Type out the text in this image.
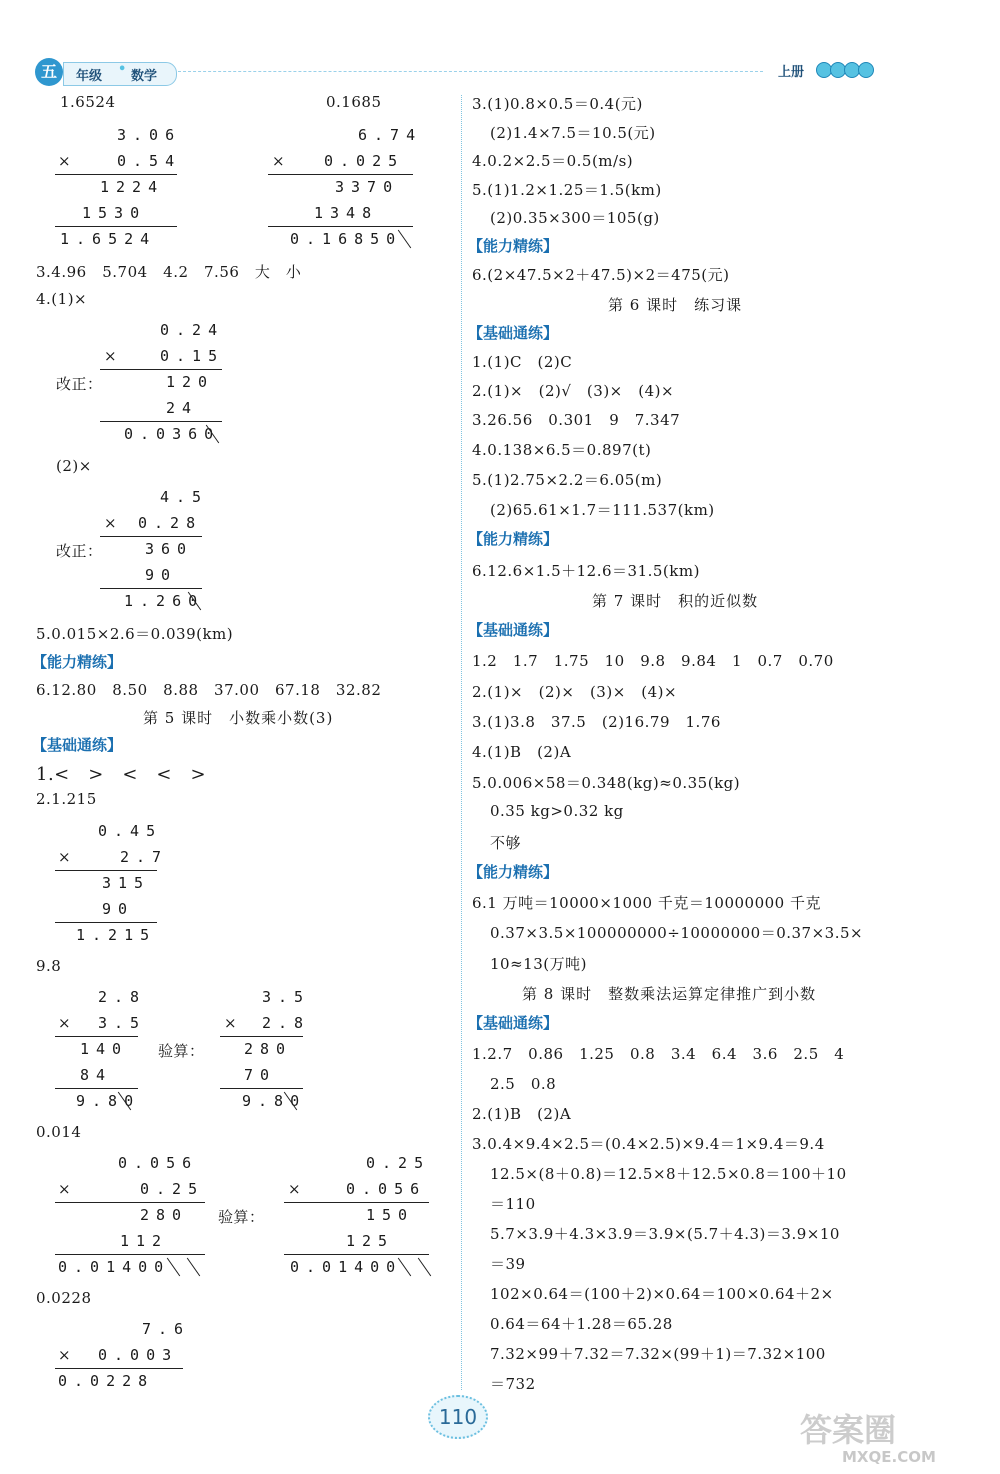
五	年级 • 数学	上册
1.6524	0.1685
3.06
×	0.54
1224
1530
1.6524
6.74
×	0.025
3370
1348
0.16850
3.4.96　5.704　4.2　7.56　大　小
4.(1)×
0.24
×	0.15
改正：	120
24
0.0360
(2)×
4.5
× 0.28
改正：	360
90
1.260
5.0.015×2.6＝0.039(km)
【能力精练】
6.12.80　8.50　8.88　37.00　67.18　32.82
第 5 课时　小数乘小数(3)
【基础通练】
1.<　>　<　<　>
2.1.215
0.45
×	2.7
315
90
1.215
9.8
2.8
× 3.5
140
84
9.80
验算：
3.5
× 2.8
280
70
9.80
0.014
0.056
×	0.25
280
112
0.01400
验算：
0.25
×	0.056
150
125
0.01400
0.0228
7.6
× 0.003
0.0228
3.(1)0.8×0.5＝0.4(元)
(2)1.4×7.5＝10.5(元)
4.0.2×2.5＝0.5(m/s)
5.(1)1.2×1.25＝1.5(km)
(2)0.35×300＝105(g)
【能力精练】
6.(2×47.5×2＋47.5)×2＝475(元)
第 6 课时　练习课
【基础通练】
1.(1)C　(2)C
2.(1)×　(2)√　(3)×　(4)×
3.26.56　0.301　9　7.347
4.0.138×6.5＝0.897(t)
5.(1)2.75×2.2＝6.05(m)
(2)65.61×1.7＝111.537(km)
【能力精练】
6.12.6×1.5＋12.6＝31.5(km)
第 7 课时　积的近似数
【基础通练】
1.2　1.7　1.75　10　9.8　9.84　1　0.7　0.70
2.(1)×　(2)×　(3)×　(4)×
3.(1)3.8　37.5　(2)16.79　1.76
4.(1)B　(2)A
5.0.006×58＝0.348(kg)≈0.35(kg)
0.35 kg>0.32 kg
不够
【能力精练】
6.1 万吨＝10000×1000 千克＝10000000 千克
0.37×3.5×100000000÷10000000＝0.37×3.5×
10≈13(万吨)
第 8 课时　整数乘法运算定律推广到小数
【基础通练】
1.2.7　0.86　1.25　0.8　3.4　6.4　3.6　2.5　4
2.5　0.8
2.(1)B　(2)A
3.0.4×9.4×2.5＝(0.4×2.5)×9.4＝1×9.4＝9.4
12.5×(8＋0.8)＝12.5×8＋12.5×0.8＝100＋10
＝110
5.7×3.9＋4.3×3.9＝3.9×(5.7＋4.3)＝3.9×10
＝39
102×0.64＝(100＋2)×0.64＝100×0.64＋2×
0.64＝64＋1.28＝65.28
7.32×99＋7.32＝7.32×(99＋1)＝7.32×100
＝732
110	答案圈
MXQE.COM
